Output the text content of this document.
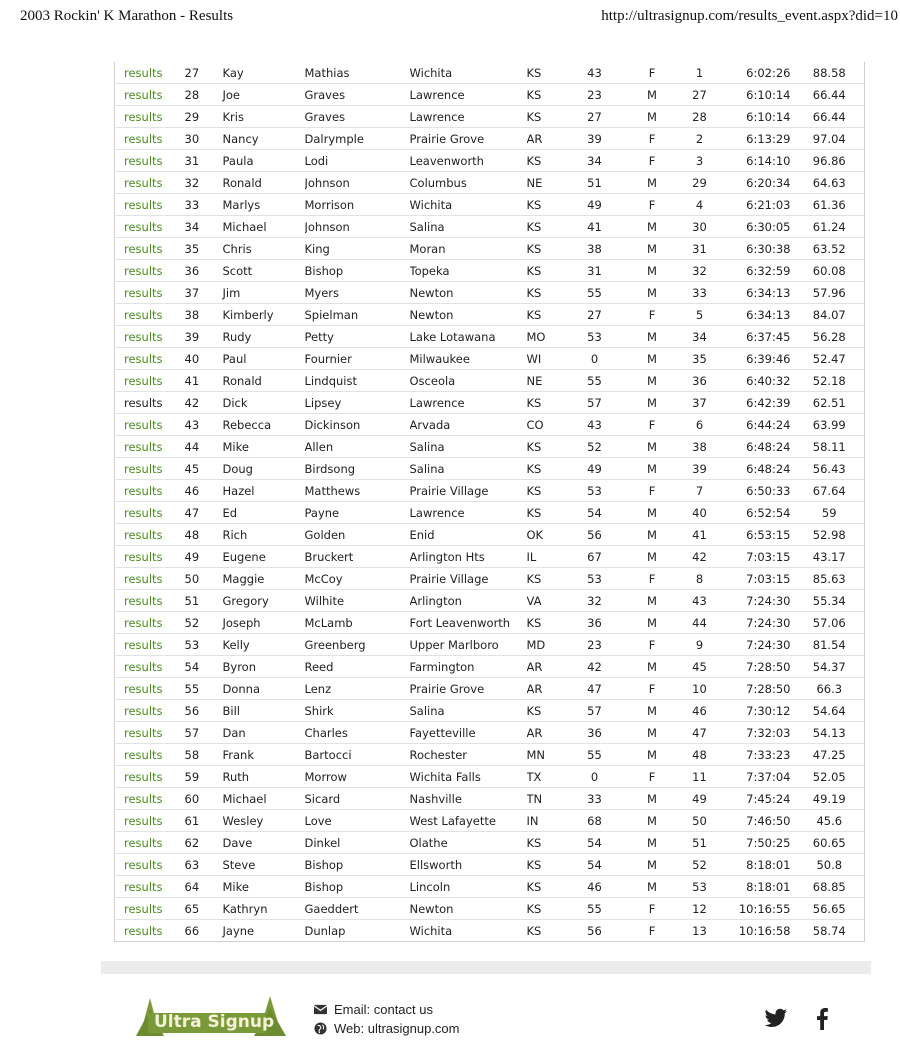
2003 Rockin' K Marathon - Results	http://ultrasignup.com/results_event.aspx?did=10
results	27	Kay	Mathias	Wichita	KS	43	F	1	6:02:26	88.58
results	28	Joe	Graves	Lawrence	KS	23	M	27	6:10:14	66.44
results	29	Kris	Graves	Lawrence	KS	27	M	28	6:10:14	66.44
results	30	Nancy	Dalrymple	Prairie Grove	AR	39	F	2	6:13:29	97.04
results	31	Paula	Lodi	Leavenworth	KS	34	F	3	6:14:10	96.86
results	32	Ronald	Johnson	Columbus	NE	51	M	29	6:20:34	64.63
results	33	Marlys	Morrison	Wichita	KS	49	F	4	6:21:03	61.36
results	34	Michael	Johnson	Salina	KS	41	M	30	6:30:05	61.24
results	35	Chris	King	Moran	KS	38	M	31	6:30:38	63.52
results	36	Scott	Bishop	Topeka	KS	31	M	32	6:32:59	60.08
results	37	Jim	Myers	Newton	KS	55	M	33	6:34:13	57.96
results	38	Kimberly	Spielman	Newton	KS	27	F	5	6:34:13	84.07
results	39	Rudy	Petty	Lake Lotawana	MO	53	M	34	6:37:45	56.28
results	40	Paul	Fournier	Milwaukee	WI	0	M	35	6:39:46	52.47
results	41	Ronald	Lindquist	Osceola	NE	55	M	36	6:40:32	52.18
results	42	Dick	Lipsey	Lawrence	KS	57	M	37	6:42:39	62.51
results	43	Rebecca	Dickinson	Arvada	CO	43	F	6	6:44:24	63.99
results	44	Mike	Allen	Salina	KS	52	M	38	6:48:24	58.11
results	45	Doug	Birdsong	Salina	KS	49	M	39	6:48:24	56.43
results	46	Hazel	Matthews	Prairie Village	KS	53	F	7	6:50:33	67.64
results	47	Ed	Payne	Lawrence	KS	54	M	40	6:52:54	59
results	48	Rich	Golden	Enid	OK	56	M	41	6:53:15	52.98
results	49	Eugene	Bruckert	Arlington Hts	IL	67	M	42	7:03:15	43.17
results	50	Maggie	McCoy	Prairie Village	KS	53	F	8	7:03:15	85.63
results	51	Gregory	Wilhite	Arlington	VA	32	M	43	7:24:30	55.34
results	52	Joseph	McLamb	Fort Leavenworth	KS	36	M	44	7:24:30	57.06
results	53	Kelly	Greenberg	Upper Marlboro	MD	23	F	9	7:24:30	81.54
results	54	Byron	Reed	Farmington	AR	42	M	45	7:28:50	54.37
results	55	Donna	Lenz	Prairie Grove	AR	47	F	10	7:28:50	66.3
results	56	Bill	Shirk	Salina	KS	57	M	46	7:30:12	54.64
results	57	Dan	Charles	Fayetteville	AR	36	M	47	7:32:03	54.13
results	58	Frank	Bartocci	Rochester	MN	55	M	48	7:33:23	47.25
results	59	Ruth	Morrow	Wichita Falls	TX	0	F	11	7:37:04	52.05
results	60	Michael	Sicard	Nashville	TN	33	M	49	7:45:24	49.19
results	61	Wesley	Love	West Lafayette	IN	68	M	50	7:46:50	45.6
results	62	Dave	Dinkel	Olathe	KS	54	M	51	7:50:25	60.65
results	63	Steve	Bishop	Ellsworth	KS	54	M	52	8:18:01	50.8
results	64	Mike	Bishop	Lincoln	KS	46	M	53	8:18:01	68.85
results	65	Kathryn	Gaeddert	Newton	KS	55	F	12	10:16:55	56.65
results	66	Jayne	Dunlap	Wichita	KS	56	F	13	10:16:58	58.74
Ultra Signup
Email: contact us
Web: ultrasignup.com
